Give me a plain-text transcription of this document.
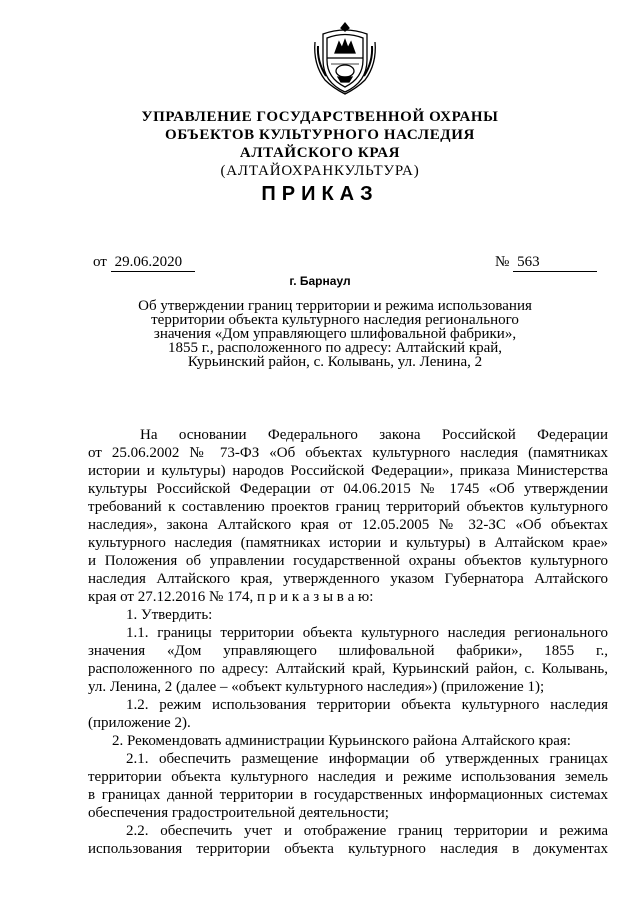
УПРАВЛЕНИЕ ГОСУДАРСТВЕННОЙ ОХРАНЫ
ОБЪЕКТОВ КУЛЬТУРНОГО НАСЛЕДИЯ
АЛТАЙСКОГО КРАЯ
(АЛТАЙОХРАНКУЛЬТУРА)
ПРИКАЗ
от 29.06.2020	№ 563
г. Барнаул
Об утверждении границ территории и режима использования
территории объекта культурного наследия регионального
значения «Дом управляющего шлифовальной фабрики»,
1855 г., расположенного по адресу: Алтайский край,
Курьинский район, с. Колывань, ул. Ленина, 2
На основании Федерального закона Российской Федерации
от 25.06.2002 № 73-ФЗ «Об объектах культурного наследия (памятниках
истории и культуры) народов Российской Федерации», приказа Министерства
культуры Российской Федерации от 04.06.2015 № 1745 «Об утверждении
требований к составлению проектов границ территорий объектов культурного
наследия», закона Алтайского края от 12.05.2005 № 32-ЗС «Об объектах
культурного наследия (памятниках истории и культуры) в Алтайском крае»
и Положения об управлении государственной охраны объектов культурного
наследия Алтайского края, утвержденного указом Губернатора Алтайского
края от 27.12.2016 № 174, п р и к а з ы в а ю:
1. Утвердить:
1.1. границы территории объекта культурного наследия регионального
значения «Дом управляющего шлифовальной фабрики», 1855 г.,
расположенного по адресу: Алтайский край, Курьинский район, с. Колывань,
ул. Ленина, 2 (далее – «объект культурного наследия») (приложение 1);
1.2. режим использования территории объекта культурного наследия
(приложение 2).
2. Рекомендовать администрации Курьинского района Алтайского края:
2.1. обеспечить размещение информации об утвержденных границах
территории объекта культурного наследия и режиме использования земель
в границах данной территории в государственных информационных системах
обеспечения градостроительной деятельности;
2.2. обеспечить учет и отображение границ территории и режима
использования территории объекта культурного наследия в документах
